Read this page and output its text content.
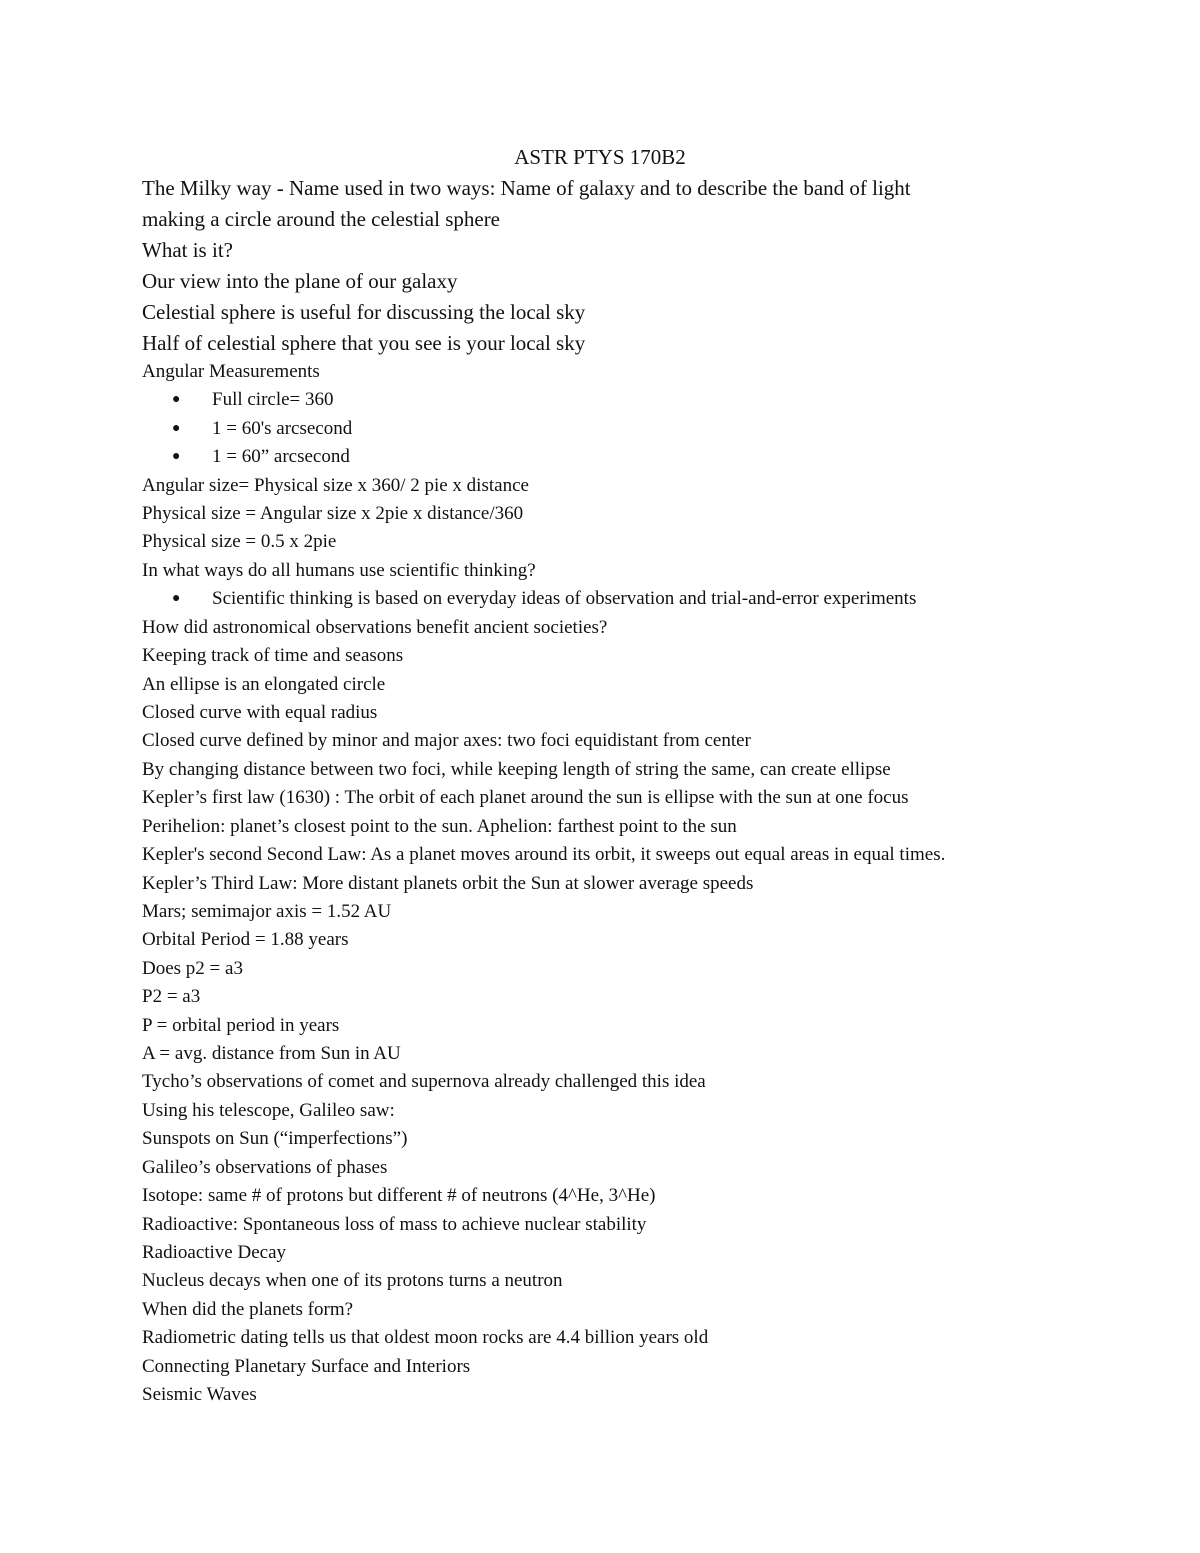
ASTR PTYS 170B2
The Milky way - Name used in two ways: Name of galaxy and to describe the band of light
making a circle around the celestial sphere
What is it?
Our view into the plane of our galaxy
Celestial sphere is useful for discussing the local sky
Half of celestial sphere that you see is your local sky
Angular Measurements
● Full circle= 360
● 1 = 60's arcsecond
● 1 = 60” arcsecond
Angular size= Physical size x 360/ 2 pie x distance
Physical size = Angular size x 2pie x distance/360
Physical size = 0.5 x 2pie
In what ways do all humans use scientific thinking?
● Scientific thinking is based on everyday ideas of observation and trial-and-error experiments
How did astronomical observations benefit ancient societies?
Keeping track of time and seasons
An ellipse is an elongated circle
Closed curve with equal radius
Closed curve defined by minor and major axes: two foci equidistant from center
By changing distance between two foci, while keeping length of string the same, can create ellipse
Kepler’s first law (1630) : The orbit of each planet around the sun is ellipse with the sun at one focus
Perihelion: planet’s closest point to the sun. Aphelion: farthest point to the sun
Kepler's second Second Law: As a planet moves around its orbit, it sweeps out equal areas in equal times.
Kepler’s Third Law: More distant planets orbit the Sun at slower average speeds
Mars; semimajor axis = 1.52 AU
Orbital Period = 1.88 years
Does p2 = a3
P2 = a3
P = orbital period in years
A = avg. distance from Sun in AU
Tycho’s observations of comet and supernova already challenged this idea
Using his telescope, Galileo saw:
Sunspots on Sun (“imperfections”)
Galileo’s observations of phases
Isotope: same # of protons but different # of neutrons (4^He, 3^He)
Radioactive: Spontaneous loss of mass to achieve nuclear stability
Radioactive Decay
Nucleus decays when one of its protons turns a neutron
When did the planets form?
Radiometric dating tells us that oldest moon rocks are 4.4 billion years old
Connecting Planetary Surface and Interiors
Seismic Waves
